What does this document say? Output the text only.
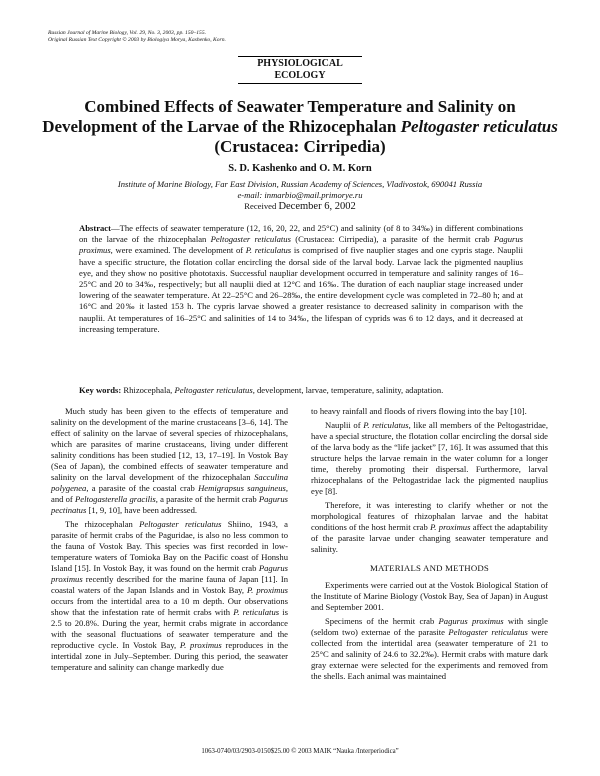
Russian Journal of Marine Biology, Vol. 29, No. 3, 2003, pp. 150–155.
Original Russian Text Copyright © 2003 by Biologiya Morya, Kashenko, Korn.
PHYSIOLOGICAL
ECOLOGY
Combined Effects of Seawater Temperature and Salinity on Development of the Larvae of the Rhizocephalan Peltogaster reticulatus (Crustacea: Cirripedia)
S. D. Kashenko and O. M. Korn
Institute of Marine Biology, Far East Division, Russian Academy of Sciences, Vladivostok, 690041 Russia
e-mail: inmarbio@mail.primorye.ru
Received December 6, 2002
Abstract—The effects of seawater temperature (12, 16, 20, 22, and 25°C) and salinity (of 8 to 34‰) in different combinations on the larvae of the rhizocephalan Peltogaster reticulatus (Crustacea: Cirripedia), a parasite of the hermit crab Pagurus proximus, were examined. The development of P. reticulatus is comprised of five nauplier stages and one cypris stage. Nauplii have a specific structure, the flotation collar encircling the dorsal side of the larval body. Larvae lack the pigmented nauplius eye, and they show no positive phototaxis. Successful naupliar development occurred in temperature and salinity ranges of 16–25°C and 20 to 34‰, respectively; but all nauplii died at 12°C and 16‰. The duration of each naupliar stage increased under lowering of the seawater temperature. At 22–25°C and 26–28‰, the entire development cycle was completed in 72–80 h; and at 16°C and 20‰ it lasted 153 h. The cypris larvae showed a greater resistance to decreased salinity in comparison with the nauplii. At temperatures of 16–25°C and salinities of 14 to 34‰, the lifespan of cyprids was 6 to 12 days, and it decreased at increasing temperature.
Key words: Rhizocephala, Peltogaster reticulatus, development, larvae, temperature, salinity, adaptation.

Much study has been given to the effects of temperature and salinity on the development of the marine crustaceans [3–6, 14]. The effect of salinity on the larvae of several species of rhizocephalans, which are parasites of marine crustaceans, living under different salinity conditions has been studied [12, 13, 17–19]. In Vostok Bay (Sea of Japan), the combined effects of seawater temperature and salinity on the larval development of the rhizocephalan Sacculina polygenea, a parasite of the coastal crab Hemigrapsus sanguineus, and of Peltogasterella gracilis, a parasite of the hermit crab Pagurus pectinatus [1, 9, 10], have been addressed.

The rhizocephalan Peltogaster reticulatus Shiino, 1943, a parasite of hermit crabs of the Paguridae, is also no less common to the fauna of Vostok Bay. This species was first recorded in low-temperature waters of Tomioka Bay on the Pacific coast of Honshu Island [15]. In Vostok Bay, it was found on the hermit crab Pagurus proximus recently described for the marine fauna of Japan [11]. In coastal waters of the Japan Islands and in Vostok Bay, P. proximus occurs from the intertidal area to a 10 m depth. Our observations show that the infestation rate of hermit crabs with P. reticulatus is 2.5 to 20.8%. During the year, hermit crabs migrate in accordance with the seasonal fluctuations of seawater temperature and the reproductive cycle. In Vostok Bay, P. proximus reproduces in the intertidal zone in July–September. During this period, the seawater temperature and salinity can change markedly due

to heavy rainfall and floods of rivers flowing into the bay [10].

Nauplii of P. reticulatus, like all members of the Peltogastridae, have a special structure, the flotation collar encircling the dorsal side of the larva body as the “life jacket” [7, 16]. It was assumed that this structure helps the larvae remain in the water column for a longer time, thereby promoting their dispersal. Furthermore, larval rhizocephalans of the Peltogastridae lack the pigmented nauplius eye [8].

Therefore, it was interesting to clarify whether or not the morphological features of rhizophalan larvae and the habitat conditions of the host hermit crab P. proximus affect the adaptability of the parasite larvae under changing seawater temperature and salinity.

MATERIALS AND METHODS

Experiments were carried out at the Vostok Biological Station of the Institute of Marine Biology (Vostok Bay, Sea of Japan) in August and September 2001.

Specimens of the hermit crab Pagurus proximus with single (seldom two) externae of the parasite Peltogaster reticulatus were collected from the intertidal area (seawater temperature of 21 to 25°C and salinity of 24.6 to 32.2‰). Hermit crabs with mature dark gray externae were selected for the experiments and removed from the shells. Each animal was maintained

1063-0740/03/2903-0150$25.00 © 2003 MAIK “Nauka /Interperiodica”
